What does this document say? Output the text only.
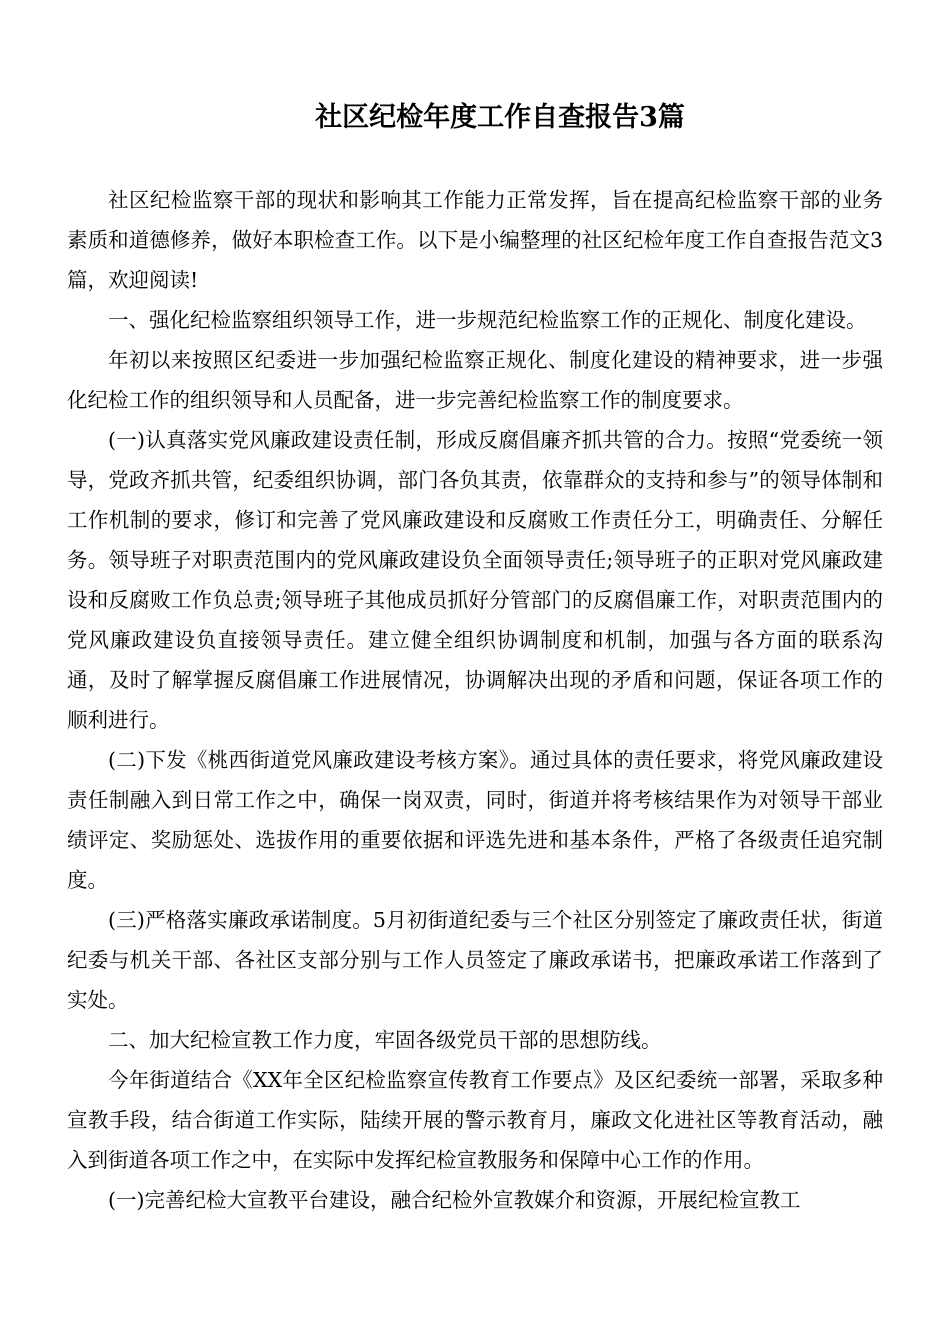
社区纪检年度工作自查报告3篇

社区纪检监察干部的现状和影响其工作能力正常发挥，旨在提高纪检监察干部的业务素质和道德修养，做好本职检查工作。以下是小编整理的社区纪检年度工作自查报告范文3篇，欢迎阅读!

一、强化纪检监察组织领导工作，进一步规范纪检监察工作的正规化、制度化建设。

年初以来按照区纪委进一步加强纪检监察正规化、制度化建设的精神要求，进一步强化纪检工作的组织领导和人员配备，进一步完善纪检监察工作的制度要求。

(一)认真落实党风廉政建设责任制，形成反腐倡廉齐抓共管的合力。按照“党委统一领导，党政齐抓共管，纪委组织协调，部门各负其责，依靠群众的支持和参与”的领导体制和工作机制的要求，修订和完善了党风廉政建设和反腐败工作责任分工，明确责任、分解任务。领导班子对职责范围内的党风廉政建设负全面领导责任;领导班子的正职对党风廉政建设和反腐败工作负总责;领导班子其他成员抓好分管部门的反腐倡廉工作，对职责范围内的党风廉政建设负直接领导责任。建立健全组织协调制度和机制，加强与各方面的联系沟通，及时了解掌握反腐倡廉工作进展情况，协调解决出现的矛盾和问题，保证各项工作的顺利进行。

(二)下发《桃西街道党风廉政建设考核方案》。通过具体的责任要求，将党风廉政建设责任制融入到日常工作之中，确保一岗双责，同时，街道并将考核结果作为对领导干部业绩评定、奖励惩处、选拔作用的重要依据和评选先进和基本条件，严格了各级责任追究制度。

(三)严格落实廉政承诺制度。5月初街道纪委与三个社区分别签定了廉政责任状，街道纪委与机关干部、各社区支部分别与工作人员签定了廉政承诺书，把廉政承诺工作落到了实处。

二、加大纪检宣教工作力度，牢固各级党员干部的思想防线。

今年街道结合《XX年全区纪检监察宣传教育工作要点》及区纪委统一部署，采取多种宣教手段，结合街道工作实际，陆续开展的警示教育月，廉政文化进社区等教育活动，融入到街道各项工作之中，在实际中发挥纪检宣教服务和保障中心工作的作用。

(一)完善纪检大宣教平台建设，融合纪检外宣教媒介和资源，开展纪检宣教工
